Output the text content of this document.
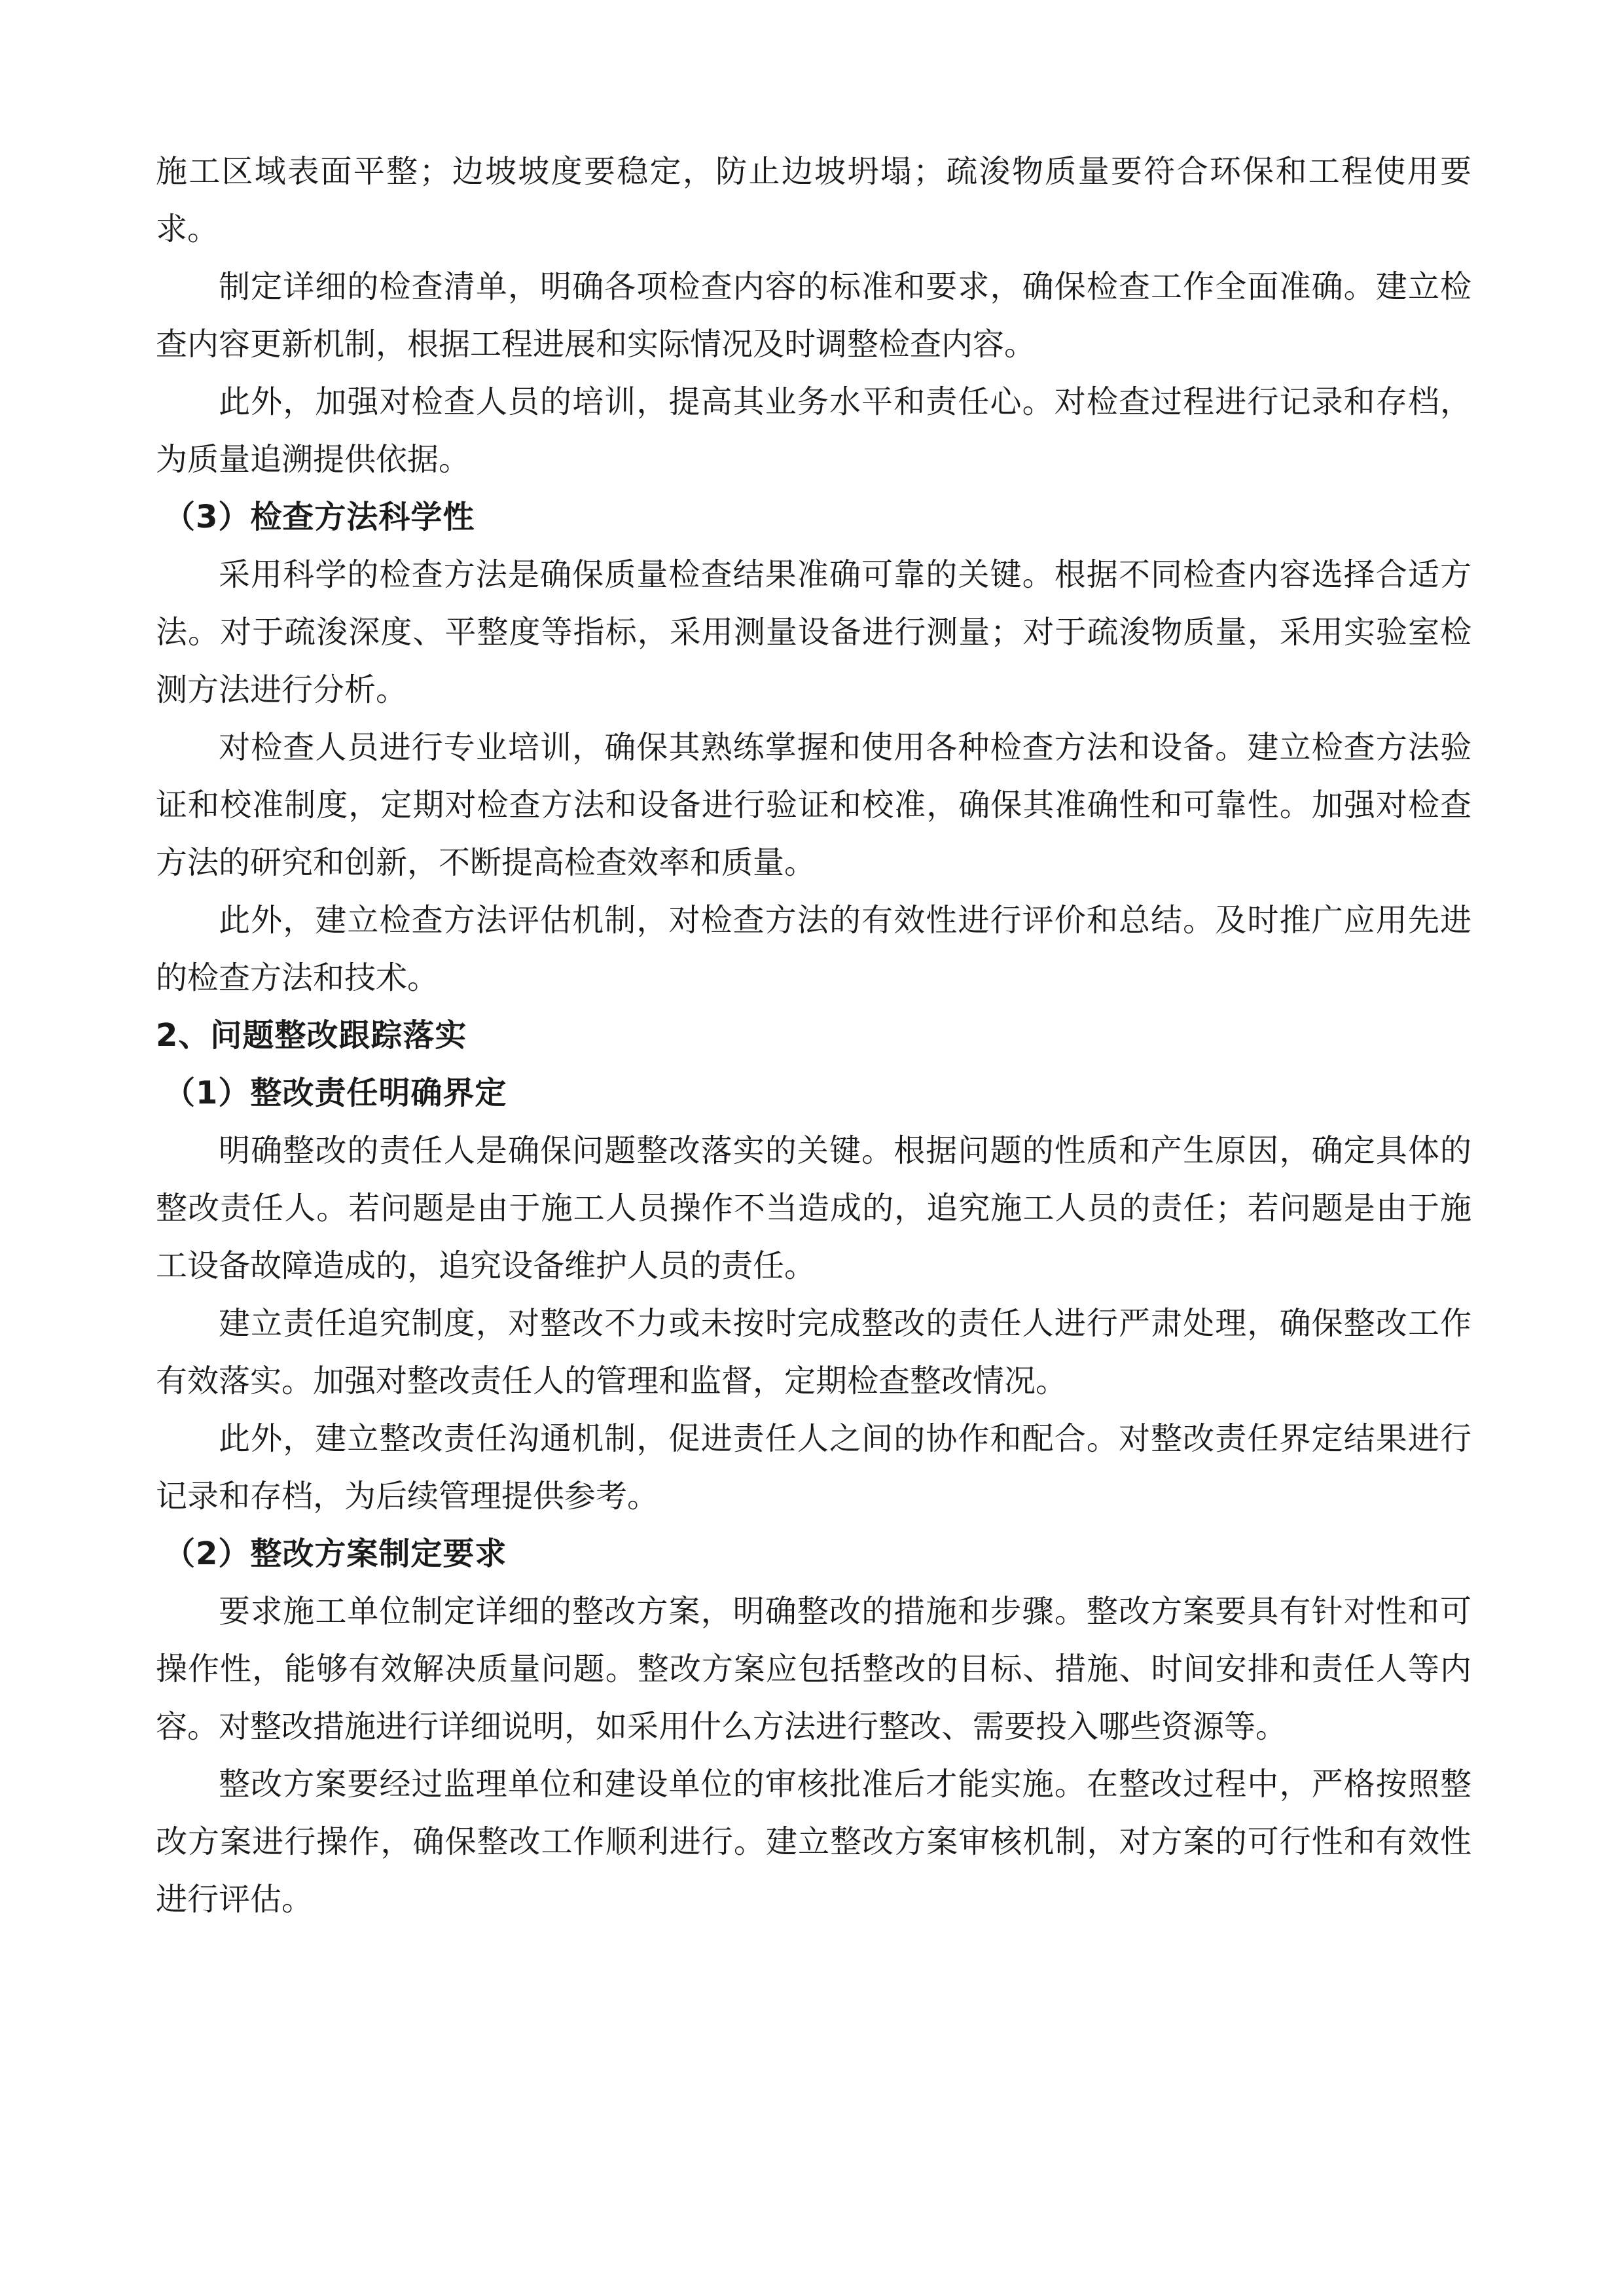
施工区域表面平整；边坡坡度要稳定，防止边坡坍塌；疏浚物质量要符合环保和工程使用要求。

制定详细的检查清单，明确各项检查内容的标准和要求，确保检查工作全面准确。建立检查内容更新机制，根据工程进展和实际情况及时调整检查内容。

此外，加强对检查人员的培训，提高其业务水平和责任心。对检查过程进行记录和存档，为质量追溯提供依据。

（3）检查方法科学性

采用科学的检查方法是确保质量检查结果准确可靠的关键。根据不同检查内容选择合适方法。对于疏浚深度、平整度等指标，采用测量设备进行测量；对于疏浚物质量，采用实验室检测方法进行分析。

对检查人员进行专业培训，确保其熟练掌握和使用各种检查方法和设备。建立检查方法验证和校准制度，定期对检查方法和设备进行验证和校准，确保其准确性和可靠性。加强对检查方法的研究和创新，不断提高检查效率和质量。

此外，建立检查方法评估机制，对检查方法的有效性进行评价和总结。及时推广应用先进的检查方法和技术。

2、问题整改跟踪落实
（1）整改责任明确界定

明确整改的责任人是确保问题整改落实的关键。根据问题的性质和产生原因，确定具体的整改责任人。若问题是由于施工人员操作不当造成的，追究施工人员的责任；若问题是由于施工设备故障造成的，追究设备维护人员的责任。

建立责任追究制度，对整改不力或未按时完成整改的责任人进行严肃处理，确保整改工作有效落实。加强对整改责任人的管理和监督，定期检查整改情况。

此外，建立整改责任沟通机制，促进责任人之间的协作和配合。对整改责任界定结果进行记录和存档，为后续管理提供参考。

（2）整改方案制定要求

要求施工单位制定详细的整改方案，明确整改的措施和步骤。整改方案要具有针对性和可操作性，能够有效解决质量问题。整改方案应包括整改的目标、措施、时间安排和责任人等内容。对整改措施进行详细说明，如采用什么方法进行整改、需要投入哪些资源等。

整改方案要经过监理单位和建设单位的审核批准后才能实施。在整改过程中，严格按照整改方案进行操作，确保整改工作顺利进行。建立整改方案审核机制，对方案的可行性和有效性进行评估。
